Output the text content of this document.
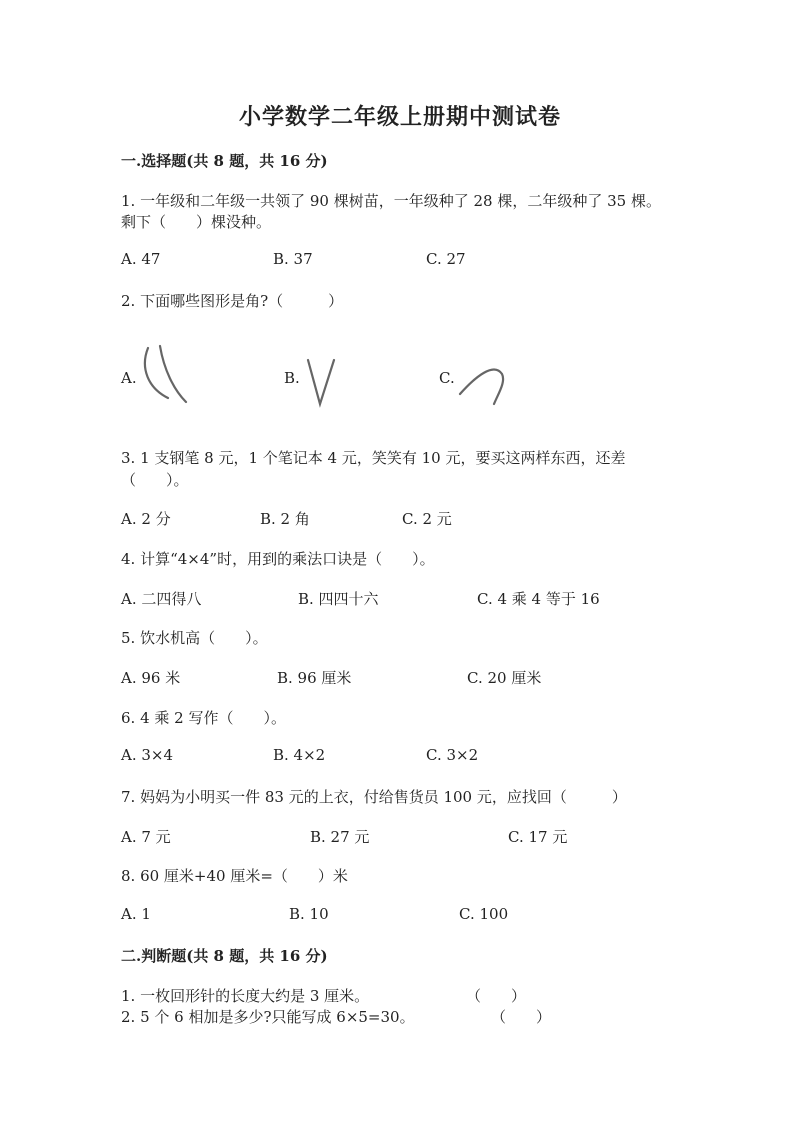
小学数学二年级上册期中测试卷
一.选择题(共 8 题，共 16 分)
1. 一年级和二年级一共领了 90 棵树苗，一年级种了 28 棵，二年级种了 35 棵。
剩下（　　）棵没种。
A. 47	B. 37	C. 27
2. 下面哪些图形是角?（　　　）
A.	B.	C.
3. 1 支钢笔 8 元，1 个笔记本 4 元，笑笑有 10 元，要买这两样东西，还差
（　　）。
A. 2 分	B. 2 角	C. 2 元
4. 计算“4×4”时，用到的乘法口诀是（　　）。
A. 二四得八	B. 四四十六	C. 4 乘 4 等于 16
5. 饮水机高（　　）。
A. 96 米	B. 96 厘米	C. 20 厘米
6. 4 乘 2 写作（　　）。
A. 3×4	B. 4×2	C. 3×2
7. 妈妈为小明买一件 83 元的上衣，付给售货员 100 元，应找回（　　　）
A. 7 元	B. 27 元	C. 17 元
8. 60 厘米+40 厘米=（　　）米
A. 1	B. 10	C. 100
二.判断题(共 8 题，共 16 分)
1. 一枚回形针的长度大约是 3 厘米。	（　　）
2. 5 个 6 相加是多少?只能写成 6×5=30。	（　　）
